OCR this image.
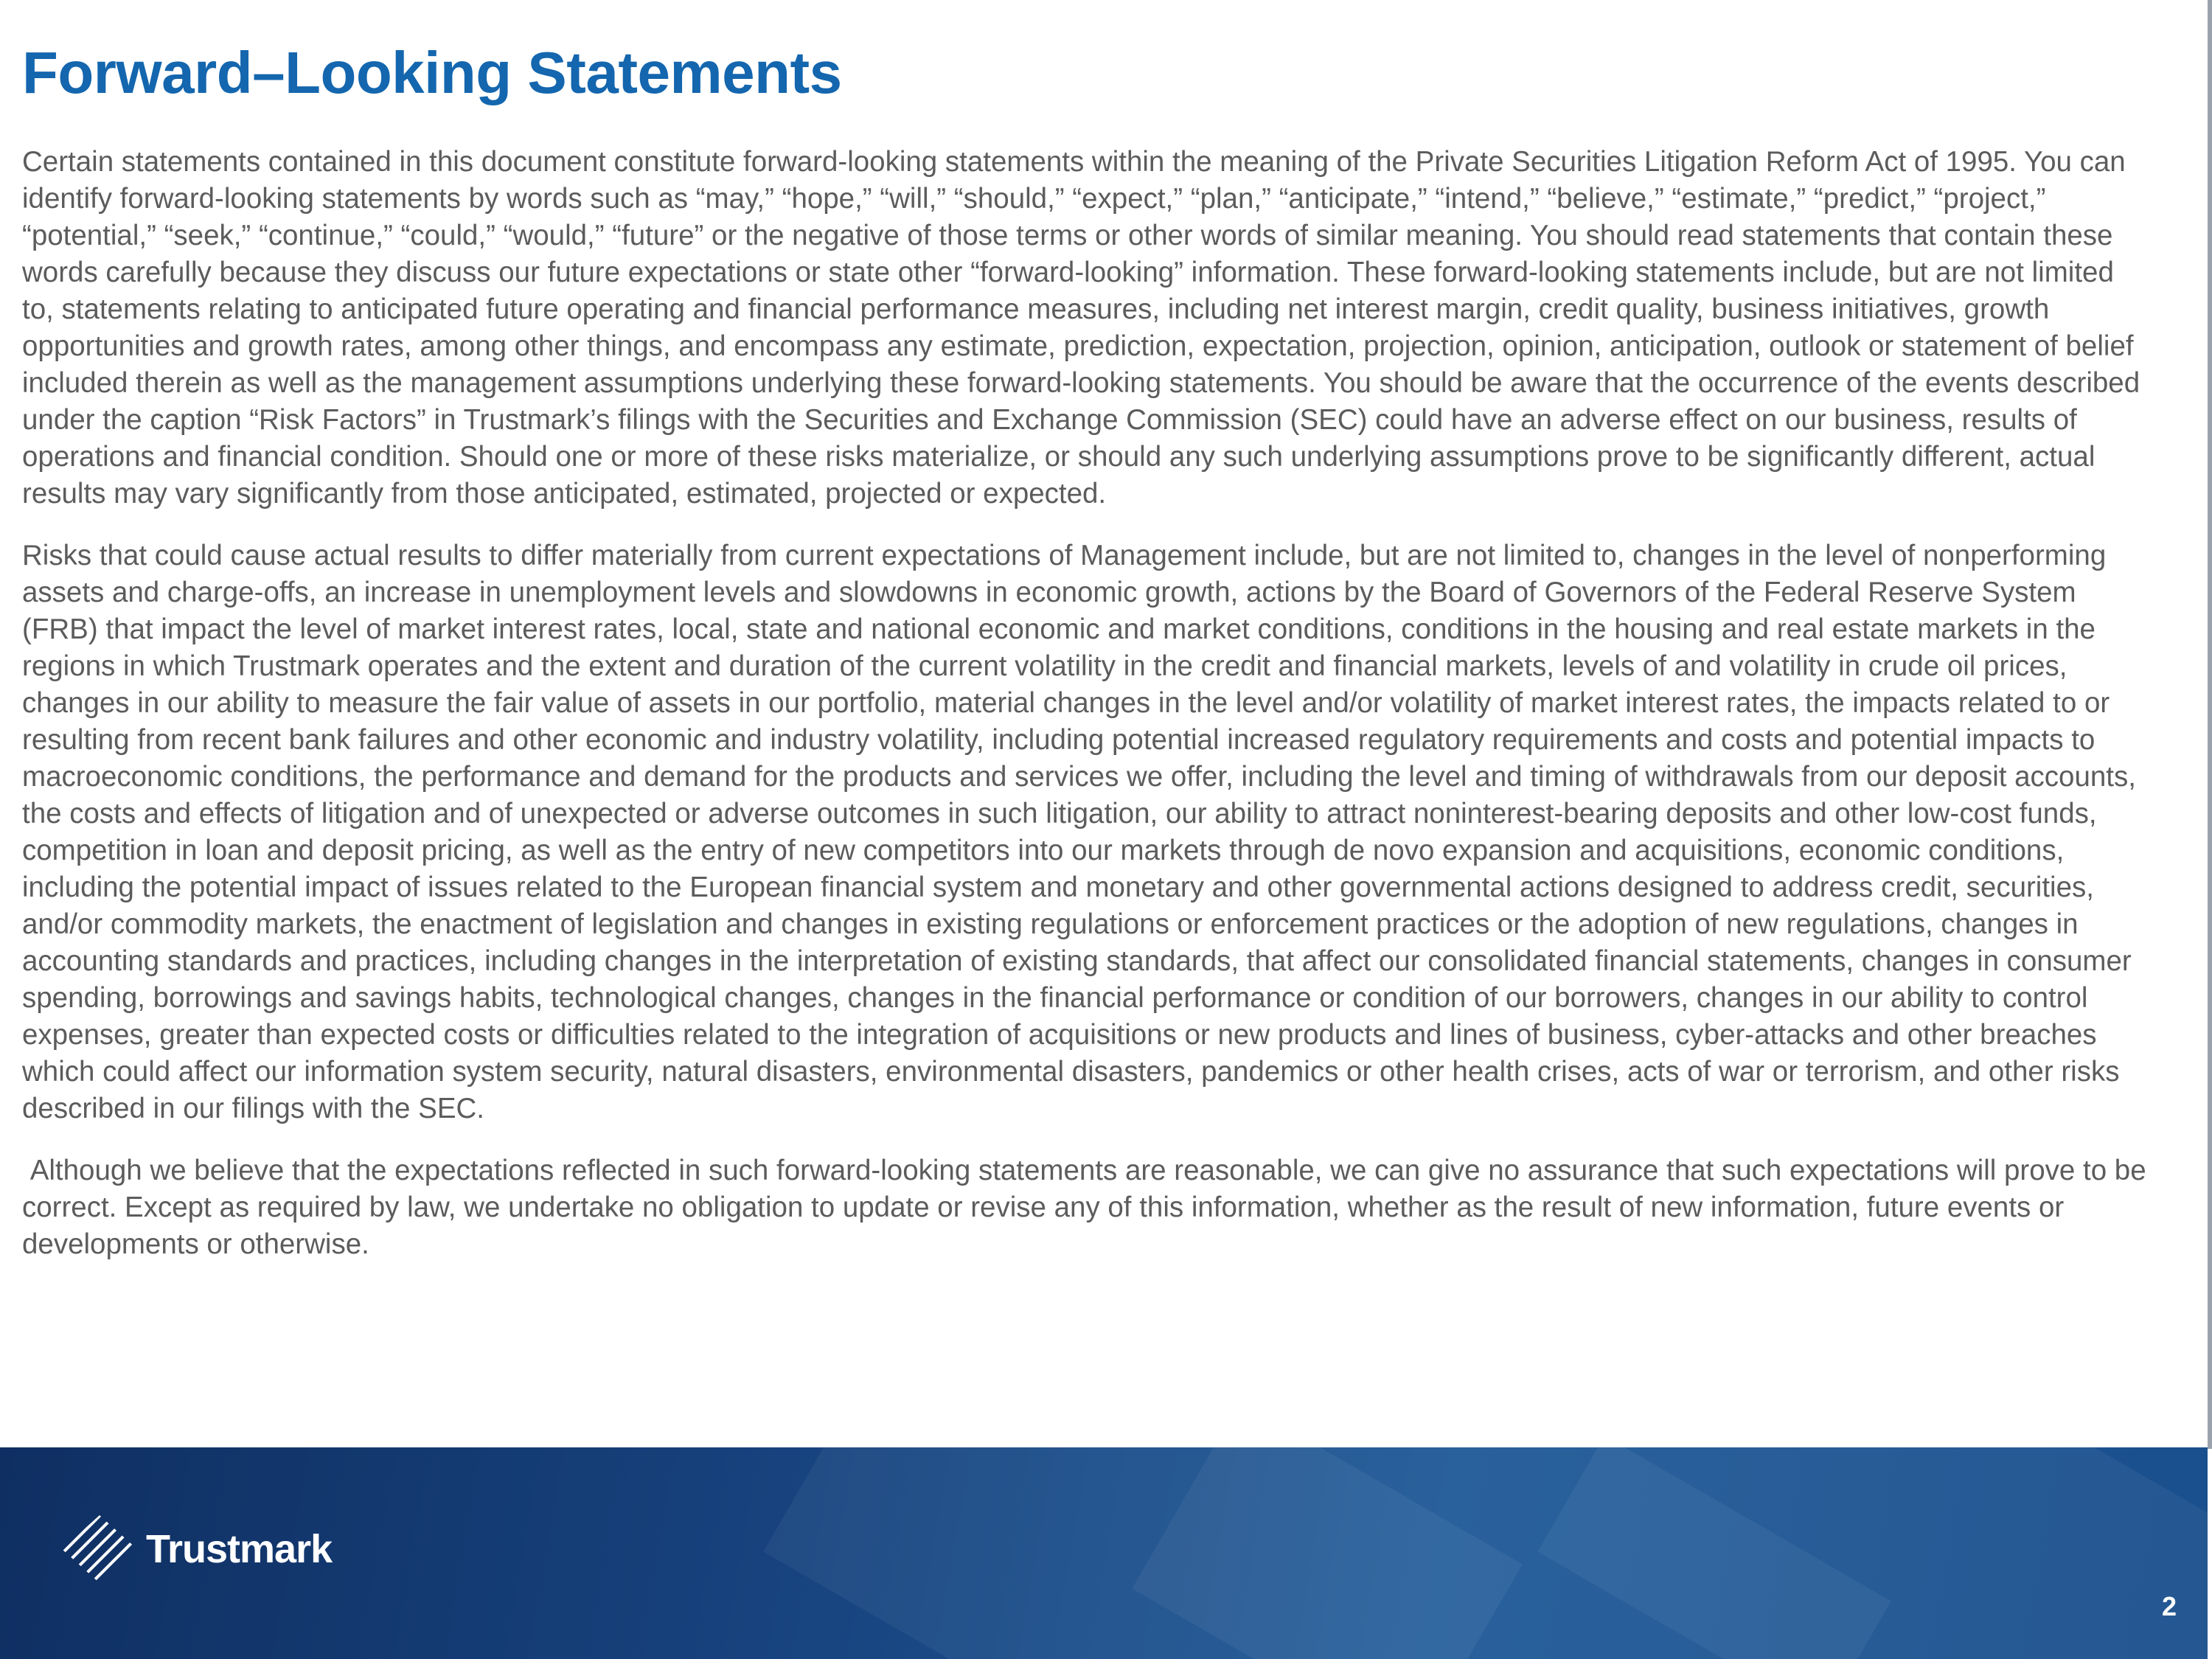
Forward–Looking Statements

Certain statements contained in this document constitute forward-looking statements within the meaning of the Private Securities Litigation Reform Act of 1995. You can identify forward-looking statements by words such as “may,” “hope,” “will,” “should,” “expect,” “plan,” “anticipate,” “intend,” “believe,” “estimate,” “predict,” “project,” “potential,” “seek,” “continue,” “could,” “would,” “future” or the negative of those terms or other words of similar meaning. You should read statements that contain these words carefully because they discuss our future expectations or state other “forward-looking” information. These forward-looking statements include, but are not limited to, statements relating to anticipated future operating and financial performance measures, including net interest margin, credit quality, business initiatives, growth opportunities and growth rates, among other things, and encompass any estimate, prediction, expectation, projection, opinion, anticipation, outlook or statement of belief included therein as well as the management assumptions underlying these forward-looking statements. You should be aware that the occurrence of the events described under the caption “Risk Factors” in Trustmark’s filings with the Securities and Exchange Commission (SEC) could have an adverse effect on our business, results of operations and financial condition. Should one or more of these risks materialize, or should any such underlying assumptions prove to be significantly different, actual results may vary significantly from those anticipated, estimated, projected or expected.

Risks that could cause actual results to differ materially from current expectations of Management include, but are not limited to, changes in the level of nonperforming assets and charge-offs, an increase in unemployment levels and slowdowns in economic growth, actions by the Board of Governors of the Federal Reserve System (FRB) that impact the level of market interest rates, local, state and national economic and market conditions, conditions in the housing and real estate markets in the regions in which Trustmark operates and the extent and duration of the current volatility in the credit and financial markets, levels of and volatility in crude oil prices, changes in our ability to measure the fair value of assets in our portfolio, material changes in the level and/or volatility of market interest rates, the impacts related to or resulting from recent bank failures and other economic and industry volatility, including potential increased regulatory requirements and costs and potential impacts to macroeconomic conditions, the performance and demand for the products and services we offer, including the level and timing of withdrawals from our deposit accounts, the costs and effects of litigation and of unexpected or adverse outcomes in such litigation, our ability to attract noninterest-bearing deposits and other low-cost funds, competition in loan and deposit pricing, as well as the entry of new competitors into our markets through de novo expansion and acquisitions, economic conditions, including the potential impact of issues related to the European financial system and monetary and other governmental actions designed to address credit, securities, and/or commodity markets, the enactment of legislation and changes in existing regulations or enforcement practices or the adoption of new regulations, changes in accounting standards and practices, including changes in the interpretation of existing standards, that affect our consolidated financial statements, changes in consumer spending, borrowings and savings habits, technological changes, changes in the financial performance or condition of our borrowers, changes in our ability to control expenses, greater than expected costs or difficulties related to the integration of acquisitions or new products and lines of business, cyber-attacks and other breaches which could affect our information system security, natural disasters, environmental disasters, pandemics or other health crises, acts of war or terrorism, and other risks described in our filings with the SEC.

Although we believe that the expectations reflected in such forward-looking statements are reasonable, we can give no assurance that such expectations will prove to be correct. Except as required by law, we undertake no obligation to update or revise any of this information, whether as the result of new information, future events or developments or otherwise.

Trustmark
2
